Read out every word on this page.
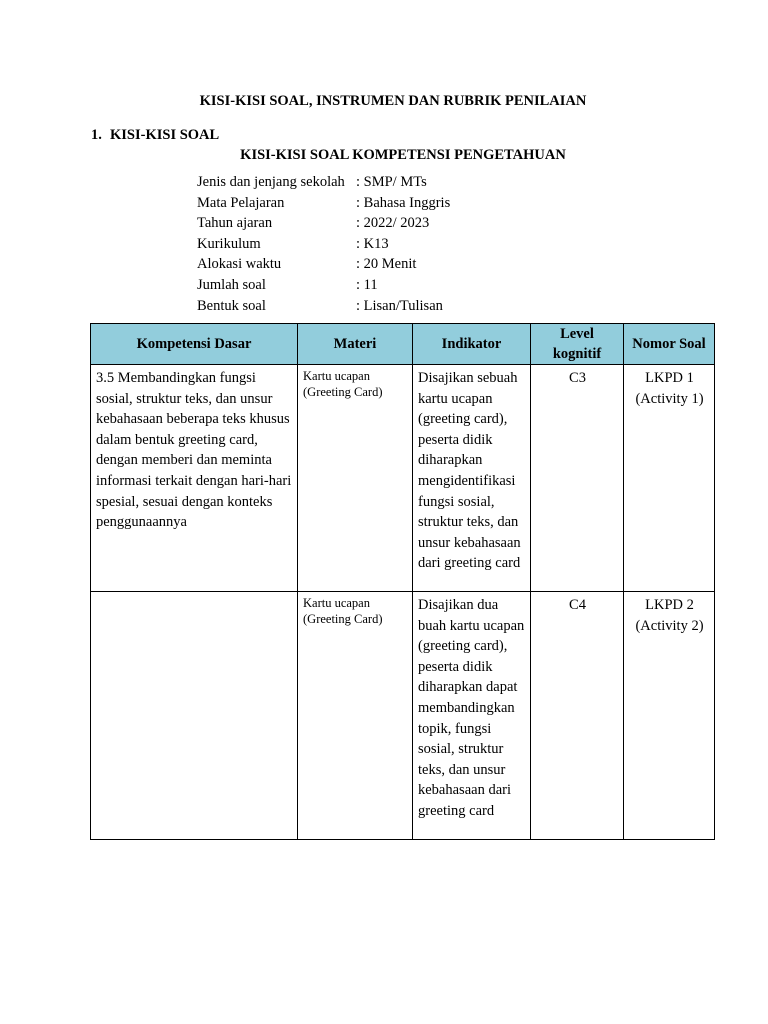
KISI-KISI SOAL, INSTRUMEN DAN RUBRIK PENILAIAN
1. KISI-KISI SOAL
KISI-KISI SOAL KOMPETENSI PENGETAHUAN
Jenis dan jenjang sekolah : SMP/ MTs
Mata Pelajaran	: Bahasa Inggris
Tahun ajaran	: 2022/ 2023
Kurikulum	: K13
Alokasi waktu	: 20 Menit
Jumlah soal	: 11
Bentuk soal	: Lisan/Tulisan
Kompetensi Dasar	Materi	Indikator	Level kognitif	Nomor Soal
3.5 Membandingkan fungsi sosial, struktur teks, dan unsur kebahasaan beberapa teks khusus dalam bentuk greeting card, dengan memberi dan meminta informasi terkait dengan hari-hari spesial, sesuai dengan konteks penggunaannya	Kartu ucapan (Greeting Card)	Disajikan sebuah kartu ucapan (greeting card), peserta didik diharapkan mengidentifikasi fungsi sosial, struktur teks, dan unsur kebahasaan dari greeting card	C3	LKPD 1 (Activity 1)
	Kartu ucapan (Greeting Card)	Disajikan dua buah kartu ucapan (greeting card), peserta didik diharapkan dapat membandingkan topik, fungsi sosial, struktur teks, dan unsur kebahasaan dari greeting card	C4	LKPD 2 (Activity 2)
